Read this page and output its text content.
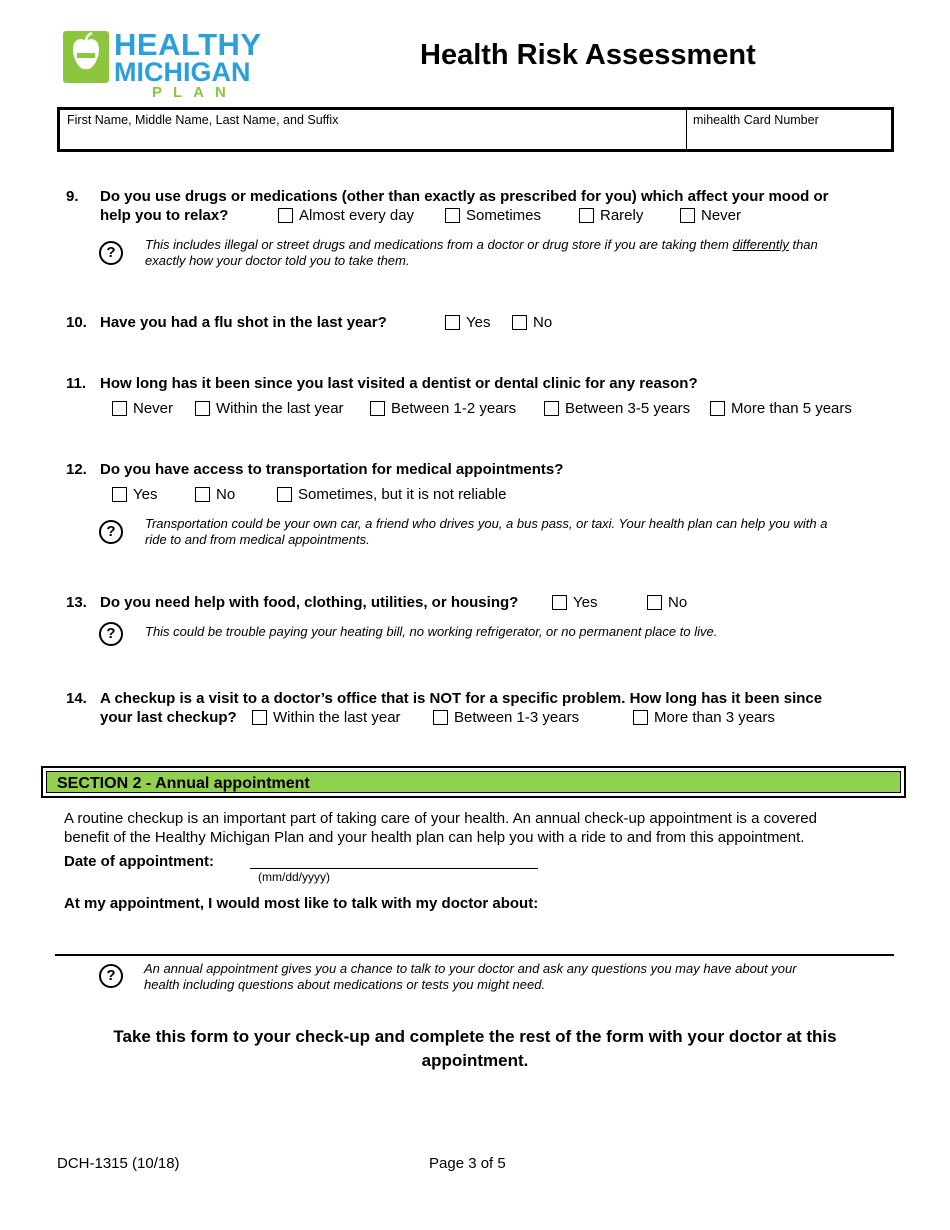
HEALTHY
MICHIGAN
PLAN
Health Risk Assessment
First Name, Middle Name, Last Name, and Suffix	mihealth Card Number
9. Do you use drugs or medications (other than exactly as prescribed for you) which affect your mood or
help you to relax?	Almost every day	Sometimes	Rarely	Never
?	This includes illegal or street drugs and medications from a doctor or drug store if you are taking them differently than
exactly how your doctor told you to take them.
10. Have you had a flu shot in the last year?	Yes	No
11. How long has it been since you last visited a dentist or dental clinic for any reason?
Never	Within the last year	Between 1-2 years	Between 3-5 years	More than 5 years
12. Do you have access to transportation for medical appointments?
Yes	No	Sometimes, but it is not reliable
?	Transportation could be your own car, a friend who drives you, a bus pass, or taxi. Your health plan can help you with a
ride to and from medical appointments.
13. Do you need help with food, clothing, utilities, or housing?	Yes	No
?	This could be trouble paying your heating bill, no working refrigerator, or no permanent place to live.
14. A checkup is a visit to a doctor’s office that is NOT for a specific problem. How long has it been since
your last checkup? Within the last year	Between 1-3 years	More than 3 years
SECTION 2 - Annual appointment
A routine checkup is an important part of taking care of your health. An annual check-up appointment is a covered
benefit of the Healthy Michigan Plan and your health plan can help you with a ride to and from this appointment.
Date of appointment:
(mm/dd/yyyy)
At my appointment, I would most like to talk with my doctor about:
?	An annual appointment gives you a chance to talk to your doctor and ask any questions you may have about your
health including questions about medications or tests you might need.
Take this form to your check-up and complete the rest of the form with your doctor at this
appointment.
DCH-1315 (10/18)	Page 3 of 5
